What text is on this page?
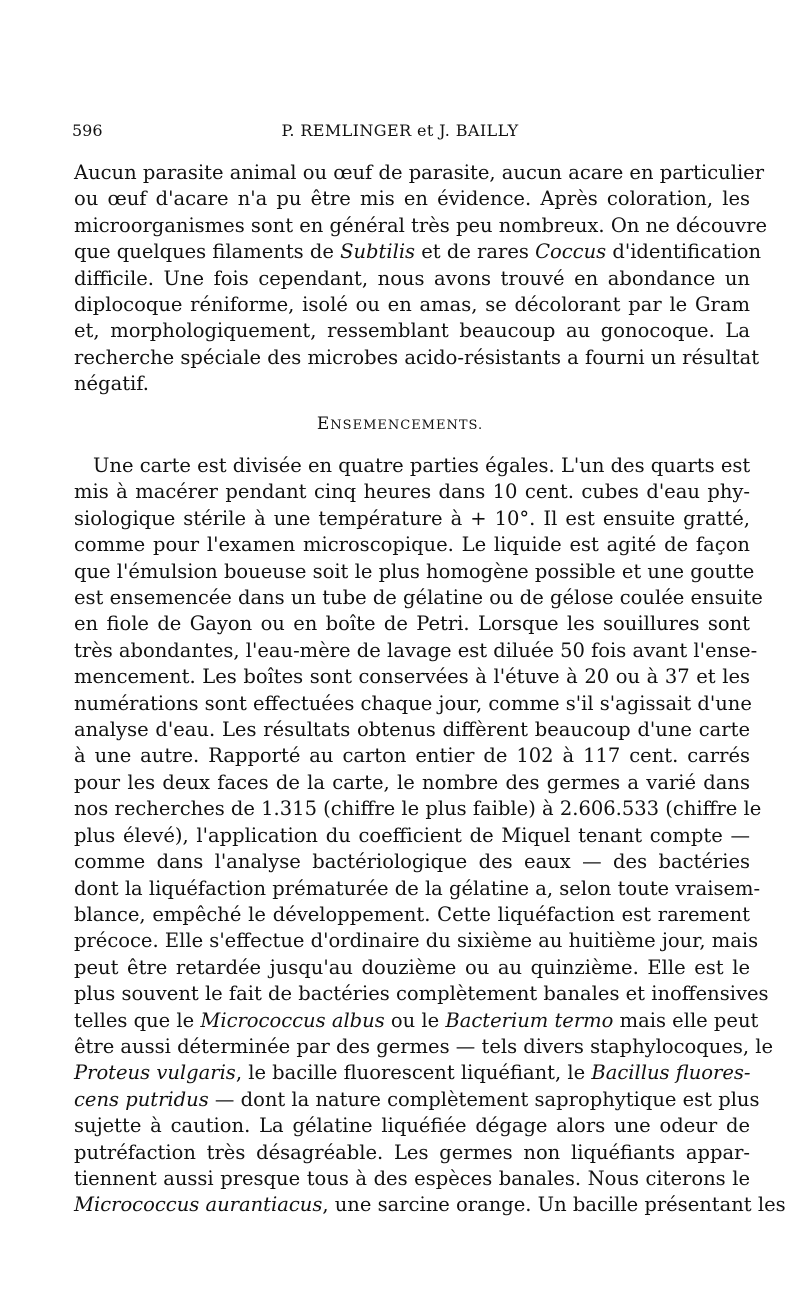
596	P. REMLINGER et J. BAILLY
Aucun parasite animal ou œuf de parasite, aucun acare en particulier
ou œuf d'acare n'a pu être mis en évidence. Après coloration, les
microorganismes sont en général très peu nombreux. On ne découvre
que quelques filaments de Subtilis et de rares Coccus d'identification
difficile. Une fois cependant, nous avons trouvé en abondance un
diplocoque réniforme, isolé ou en amas, se décolorant par le Gram
et, morphologiquement, ressemblant beaucoup au gonocoque. La
recherche spéciale des microbes acido-résistants a fourni un résultat
négatif.
ENSEMENCEMENTS.
Une carte est divisée en quatre parties égales. L'un des quarts est
mis à macérer pendant cinq heures dans 10 cent. cubes d'eau phy-
siologique stérile à une température à + 10°. Il est ensuite gratté,
comme pour l'examen microscopique. Le liquide est agité de façon
que l'émulsion boueuse soit le plus homogène possible et une goutte
est ensemencée dans un tube de gélatine ou de gélose coulée ensuite
en fiole de Gayon ou en boîte de Petri. Lorsque les souillures sont
très abondantes, l'eau-mère de lavage est diluée 50 fois avant l'ense-
mencement. Les boîtes sont conservées à l'étuve à 20 ou à 37 et les
numérations sont effectuées chaque jour, comme s'il s'agissait d'une
analyse d'eau. Les résultats obtenus diffèrent beaucoup d'une carte
à une autre. Rapporté au carton entier de 102 à 117 cent. carrés
pour les deux faces de la carte, le nombre des germes a varié dans
nos recherches de 1.315 (chiffre le plus faible) à 2.606.533 (chiffre le
plus élevé), l'application du coefficient de Miquel tenant compte —
comme dans l'analyse bactériologique des eaux — des bactéries
dont la liquéfaction prématurée de la gélatine a, selon toute vraisem-
blance, empêché le développement. Cette liquéfaction est rarement
précoce. Elle s'effectue d'ordinaire du sixième au huitième jour, mais
peut être retardée jusqu'au douzième ou au quinzième. Elle est le
plus souvent le fait de bactéries complètement banales et inoffensives
telles que le Micrococcus albus ou le Bacterium termo mais elle peut
être aussi déterminée par des germes — tels divers staphylocoques, le
Proteus vulgaris, le bacille fluorescent liquéfiant, le Bacillus fluores-
cens putridus — dont la nature complètement saprophytique est plus
sujette à caution. La gélatine liquéfiée dégage alors une odeur de
putréfaction très désagréable. Les germes non liquéfiants appar-
tiennent aussi presque tous à des espèces banales. Nous citerons le
Micrococcus aurantiacus, une sarcine orange. Un bacille présentant les
